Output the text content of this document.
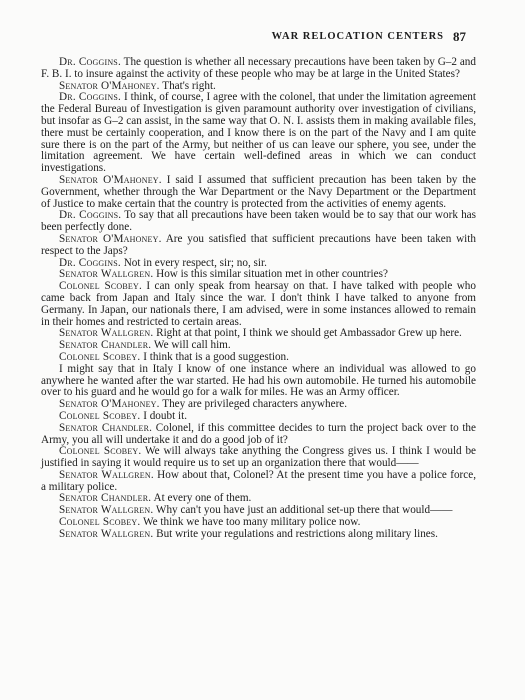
WAR RELOCATION CENTERS 87

Dr. Coggins. The question is whether all necessary precautions have been taken by G–2 and F. B. I. to insure against the activity of these people who may be at large in the United States?

Senator O'Mahoney. That's right.

Dr. Coggins. I think, of course, I agree with the colonel, that under the limitation agreement the Federal Bureau of Investigation is given paramount authority over investigation of civilians, but insofar as G–2 can assist, in the same way that O. N. I. assists them in making available files, there must be certainly cooperation, and I know there is on the part of the Navy and I am quite sure there is on the part of the Army, but neither of us can leave our sphere, you see, under the limitation agreement. We have certain well-defined areas in which we can conduct investigations.

Senator O'Mahoney. I said I assumed that sufficient precaution has been taken by the Government, whether through the War Department or the Navy Department or the Department of Justice to make certain that the country is protected from the activities of enemy agents.

Dr. Coggins. To say that all precautions have been taken would be to say that our work has been perfectly done.

Senator O'Mahoney. Are you satisfied that sufficient precautions have been taken with respect to the Japs?

Dr. Coggins. Not in every respect, sir; no, sir.

Senator Wallgren. How is this similar situation met in other countries?

Colonel Scobey. I can only speak from hearsay on that. I have talked with people who came back from Japan and Italy since the war. I don't think I have talked to anyone from Germany. In Japan, our nationals there, I am advised, were in some instances allowed to remain in their homes and restricted to certain areas.

Senator Wallgren. Right at that point, I think we should get Ambassador Grew up here.

Senator Chandler. We will call him.

Colonel Scobey. I think that is a good suggestion.

I might say that in Italy I know of one instance where an individual was allowed to go anywhere he wanted after the war started. He had his own automobile. He turned his automobile over to his guard and he would go for a walk for miles. He was an Army officer.

Senator O'Mahoney. They are privileged characters anywhere.

Colonel Scobey. I doubt it.

Senator Chandler. Colonel, if this committee decides to turn the project back over to the Army, you all will undertake it and do a good job of it?

Colonel Scobey. We will always take anything the Congress gives us. I think I would be justified in saying it would require us to set up an organization there that would——

Senator Wallgren. How about that, Colonel? At the present time you have a police force, a military police.

Senator Chandler. At every one of them.

Senator Wallgren. Why can't you have just an additional set-up there that would——

Colonel Scobey. We think we have too many military police now.

Senator Wallgren. But write your regulations and restrictions along military lines.
